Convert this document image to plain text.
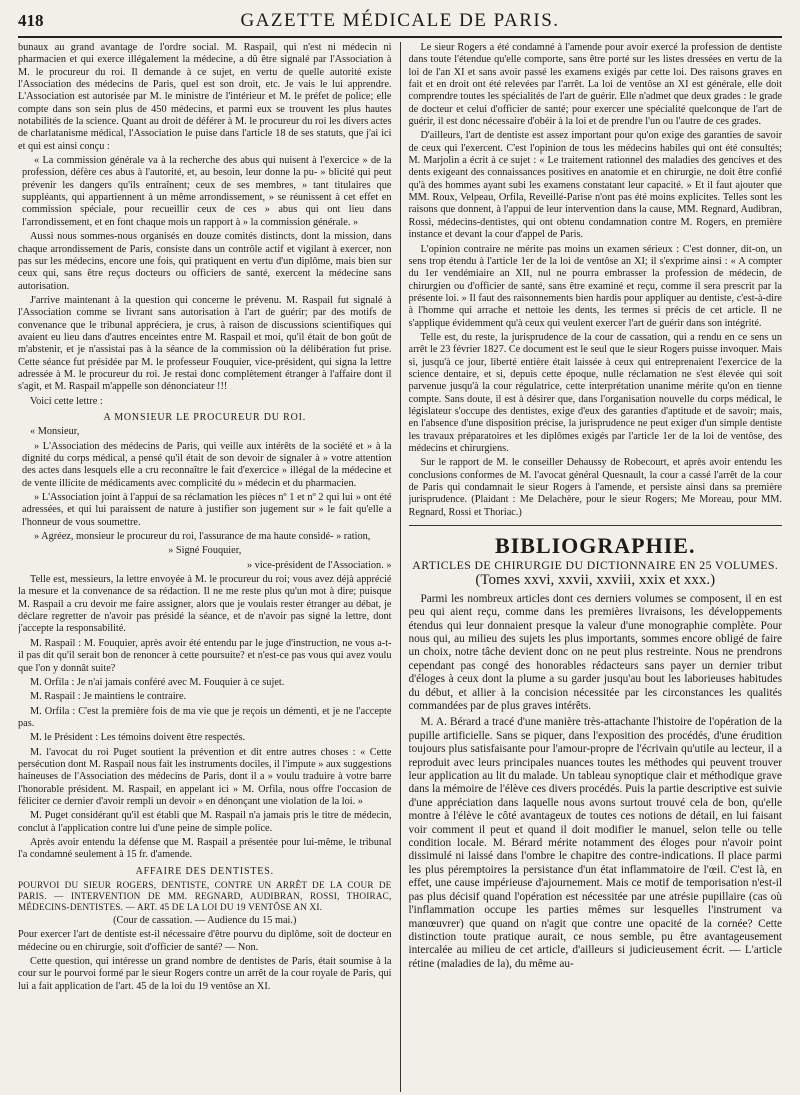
418	GAZETTE MÉDICALE DE PARIS.

bunaux au grand avantage de l'ordre social. M. Raspail, qui n'est ni médecin ni pharmacien et qui exerce illégalement la médecine, a dû être signalé par l'Association à M. le procureur du roi. Il demande à ce sujet, en vertu de quelle autorité existe l'Association des médecins de Paris, quel est son droit, etc. Je vais le lui apprendre. L'Association est autorisée par M. le ministre de l'intérieur et M. le préfet de police; elle compte dans son sein plus de 450 médecins, et parmi eux se trouvent les plus hautes notabilités de la science. Quant au droit de déférer à M. le procureur du roi les divers actes de charlatanisme médical, l'Association le puise dans l'article 18 de ses statuts, que j'ai ici et qui est ainsi conçu :

« La commission générale va à la recherche des abus qui nuisent à l'exercice » de la profession, défère ces abus à l'autorité, et, au besoin, leur donne la pu- » blicité qui peut prévenir les dangers qu'ils entraînent; ceux de ses membres, » tant titulaires que suppléants, qui appartiennent à un même arrondissement, » se réunissent à cet effet en commission spéciale, pour recueillir ceux de ces » abus qui ont lieu dans l'arrondissement, et en font chaque mois un rapport à » la commission générale. »

Aussi nous sommes-nous organisés en douze comités distincts, dont la mission, dans chaque arrondissement de Paris, consiste dans un contrôle actif et vigilant à exercer, non pas sur les médecins, encore une fois, qui pratiquent en vertu d'un diplôme, mais bien sur ceux qui, sans être reçus docteurs ou officiers de santé, exercent la médecine sans autorisation.

J'arrive maintenant à la question qui concerne le prévenu. M. Raspail fut signalé à l'Association comme se livrant sans autorisation à l'art de guérir; par des motifs de convenance que le tribunal appréciera, je crus, à raison de discussions scientifiques qui avaient eu lieu dans d'autres enceintes entre M. Raspail et moi, qu'il était de bon goût de m'abstenir, et je n'assistai pas à la séance de la commission où la délibération fut prise. Cette séance fut présidée par M. le professeur Fouquier, vice-président, qui signa la lettre adressée à M. le procureur du roi. Je restai donc complètement étranger à l'affaire dont il s'agit, et M. Raspail m'appelle son dénonciateur !!!

Voici cette lettre :

A MONSIEUR LE PROCUREUR DU ROI.

« Monsieur,

» L'Association des médecins de Paris, qui veille aux intérêts de la société et » à la dignité du corps médical, a pensé qu'il était de son devoir de signaler à » votre attention des actes dans lesquels elle a cru reconnaître le fait d'exercice » illégal de la médecine et de vente illicite de médicaments avec complicité du » médecin et du pharmacien.

» L'Association joint à l'appui de sa réclamation les pièces nº 1 et nº 2 qui lui » ont été adressées, et qui lui paraissent de nature à justifier son jugement sur » le fait qu'elle a l'honneur de vous soumettre.

» Agréez, monsieur le procureur du roi, l'assurance de ma haute considé- » ration,

» Signé Fouquier,

» vice-président de l'Association. »

Telle est, messieurs, la lettre envoyée à M. le procureur du roi; vous avez déjà apprécié la mesure et la convenance de sa rédaction. Il ne me reste plus qu'un mot à dire; puisque M. Raspail a cru devoir me faire assigner, alors que je voulais rester étranger au débat, je déclare regretter de n'avoir pas présidé la séance, et de n'avoir pas signé la lettre, dont j'accepte la responsabilité.

M. Raspail : M. Fouquier, après avoir été entendu par le juge d'instruction, ne vous a-t-il pas dit qu'il serait bon de renoncer à cette poursuite? et n'est-ce pas vous qui avez voulu que l'on y donnât suite?

M. Orfila : Je n'ai jamais conféré avec M. Fouquier à ce sujet.

M. Raspail : Je maintiens le contraire.

M. Orfila : C'est la première fois de ma vie que je reçois un démenti, et je ne l'accepte pas.

M. le Président : Les témoins doivent être respectés.

M. l'avocat du roi Puget soutient la prévention et dit entre autres choses : « Cette persécution dont M. Raspail nous fait les instruments dociles, il l'impute » aux suggestions haineuses de l'Association des médecins de Paris, dont il a » voulu traduire à votre barre l'honorable président. M. Raspail, en appelant ici » M. Orfila, nous offre l'occasion de féliciter ce dernier d'avoir rempli un devoir » en dénonçant une violation de la loi. »

M. Puget considérant qu'il est établi que M. Raspail n'a jamais pris le titre de médecin, conclut à l'application contre lui d'une peine de simple police.

Après avoir entendu la défense que M. Raspail a présentée pour lui-même, le tribunal l'a condamné seulement à 15 fr. d'amende.

AFFAIRE DES DENTISTES.
POURVOI DU SIEUR ROGERS, DENTISTE, CONTRE UN ARRÊT DE LA COUR DE PARIS. — INTERVENTION DE MM. REGNARD, AUDIBRAN, ROSSI, THOIRAC, MÉDECINS-DENTISTES. — ART. 45 DE LA LOI DU 19 VENTÔSE AN XI.

(Cour de cassation. — Audience du 15 mai.)

Pour exercer l'art de dentiste est-il nécessaire d'être pourvu du diplôme, soit de docteur en médecine ou en chirurgie, soit d'officier de santé? — Non.

Cette question, qui intéresse un grand nombre de dentistes de Paris, était soumise à la cour sur le pourvoi formé par le sieur Rogers contre un arrêt de la cour royale de Paris, qui lui a fait application de l'art. 45 de la loi du 19 ventôse an XI.

Le sieur Rogers a été condamné à l'amende pour avoir exercé la profession de dentiste dans toute l'étendue qu'elle comporte, sans être porté sur les listes dressées en vertu de la loi de l'an XI et sans avoir passé les examens exigés par cette loi. Des raisons graves en fait et en droit ont été relevées par l'arrêt. La loi de ventôse an XI est générale, elle doit comprendre toutes les spécialités de l'art de guérir. Elle n'admet que deux grades : le grade de docteur et celui d'officier de santé; pour exercer une spécialité quelconque de l'art de guérir, il est donc nécessaire d'obéir à la loi et de prendre l'un ou l'autre de ces grades.

D'ailleurs, l'art de dentiste est assez important pour qu'on exige des garanties de savoir de ceux qui l'exercent. C'est l'opinion de tous les médecins habiles qui ont été consultés; M. Marjolin a écrit à ce sujet : « Le traitement rationnel des maladies des gencives et des dents exigeant des connaissances positives en anatomie et en chirurgie, ne doit être confié qu'à des hommes ayant subi les examens constatant leur capacité. » Et il faut ajouter que MM. Roux, Velpeau, Orfila, Reveillé-Parise n'ont pas été moins explicites. Telles sont les raisons que donnent, à l'appui de leur intervention dans la cause, MM. Regnard, Audibran, Rossi, médecins-dentistes, qui ont obtenu condamnation contre M. Rogers, en première instance et devant la cour d'appel de Paris.

L'opinion contraire ne mérite pas moins un examen sérieux : C'est donner, dit-on, un sens trop étendu à l'article 1er de la loi de ventôse an XI; il s'exprime ainsi : « A compter du 1er vendémiaire an XII, nul ne pourra embrasser la profession de médecin, de chirurgien ou d'officier de santé, sans être examiné et reçu, comme il sera prescrit par la présente loi. » Il faut des raisonnements bien hardis pour appliquer au dentiste, c'est-à-dire à l'homme qui arrache et nettoie les dents, les termes si précis de cet article. Il ne s'applique évidemment qu'à ceux qui veulent exercer l'art de guérir dans son intégrité.

Telle est, du reste, la jurisprudence de la cour de cassation, qui a rendu en ce sens un arrêt le 23 février 1827. Ce document est le seul que le sieur Rogers puisse invoquer. Mais si, jusqu'à ce jour, liberté entière était laissée à ceux qui entreprenaient l'exercice de la science dentaire, et si, depuis cette époque, nulle réclamation ne s'est élevée qui soit parvenue jusqu'à la cour régulatrice, cette interprétation unanime mérite qu'on en tienne compte. Sans doute, il est à désirer que, dans l'organisation nouvelle du corps médical, le législateur s'occupe des dentistes, exige d'eux des garanties d'aptitude et de savoir; mais, en l'absence d'une disposition précise, la jurisprudence ne peut exiger d'un simple dentiste les travaux préparatoires et les diplômes exigés par l'article 1er de la loi de ventôse, des médecins et chirurgiens.

Sur le rapport de M. le conseiller Dehaussy de Robecourt, et après avoir entendu les conclusions conformes de M. l'avocat général Quesnault, la cour a cassé l'arrêt de la cour de Paris qui condamnait le sieur Rogers à l'amende, et persiste ainsi dans sa première jurisprudence. (Plaidant : Me Delachère, pour le sieur Rogers; Me Moreau, pour MM. Regnard, Rossi et Thoriac.)

BIBLIOGRAPHIE.
ARTICLES DE CHIRURGIE DU DICTIONNAIRE EN 25 VOLUMES.
(Tomes xxvi, xxvii, xxviii, xxix et xxx.)

Parmi les nombreux articles dont ces derniers volumes se composent, il en est peu qui aient reçu, comme dans les premières livraisons, les développements étendus qui leur donnaient presque la valeur d'une monographie complète. Pour nous qui, au milieu des sujets les plus importants, sommes encore obligé de faire un choix, notre tâche devient donc on ne peut plus restreinte. Nous ne prendrons cependant pas congé des honorables rédacteurs sans payer un dernier tribut d'éloges à ceux dont la plume a su garder jusqu'au bout les laborieuses habitudes du début, et allier à la concision nécessitée par les circonstances les qualités commandées par de plus graves intérêts.

M. A. Bérard a tracé d'une manière très-attachante l'histoire de l'opération de la pupille artificielle. Sans se piquer, dans l'exposition des procédés, d'une érudition toujours plus satisfaisante pour l'amour-propre de l'écrivain qu'utile au lecteur, il a reproduit avec leurs principales nuances toutes les méthodes qui peuvent trouver leur application au lit du malade. Un tableau synoptique clair et méthodique grave dans la mémoire de l'élève ces divers procédés. Puis la partie descriptive est suivie d'une appréciation dans laquelle nous avons surtout trouvé cela de bon, qu'elle montre à l'élève le côté avantageux de toutes ces notions de détail, en lui faisant voir comment il peut et quand il doit modifier le manuel, selon telle ou telle condition locale. M. Bérard mérite notamment des éloges pour n'avoir point dissimulé ni laissé dans l'ombre le chapitre des contre-indications. Il place parmi les plus péremptoires la persistance d'un état inflammatoire de l'œil. C'est là, en effet, une cause impérieuse d'ajournement. Mais ce motif de temporisation n'est-il pas plus décisif quand l'opération est nécessitée par une atrésie pupillaire (cas où l'inflammation occupe les parties mêmes sur lesquelles l'instrument va manœuvrer) que quand on n'agit que contre une opacité de la cornée? Cette distinction toute pratique aurait, ce nous semble, pu être avantageusement intercalée au milieu de cet article, d'ailleurs si judicieusement écrit. — L'article rétine (maladies de la), du même au-
